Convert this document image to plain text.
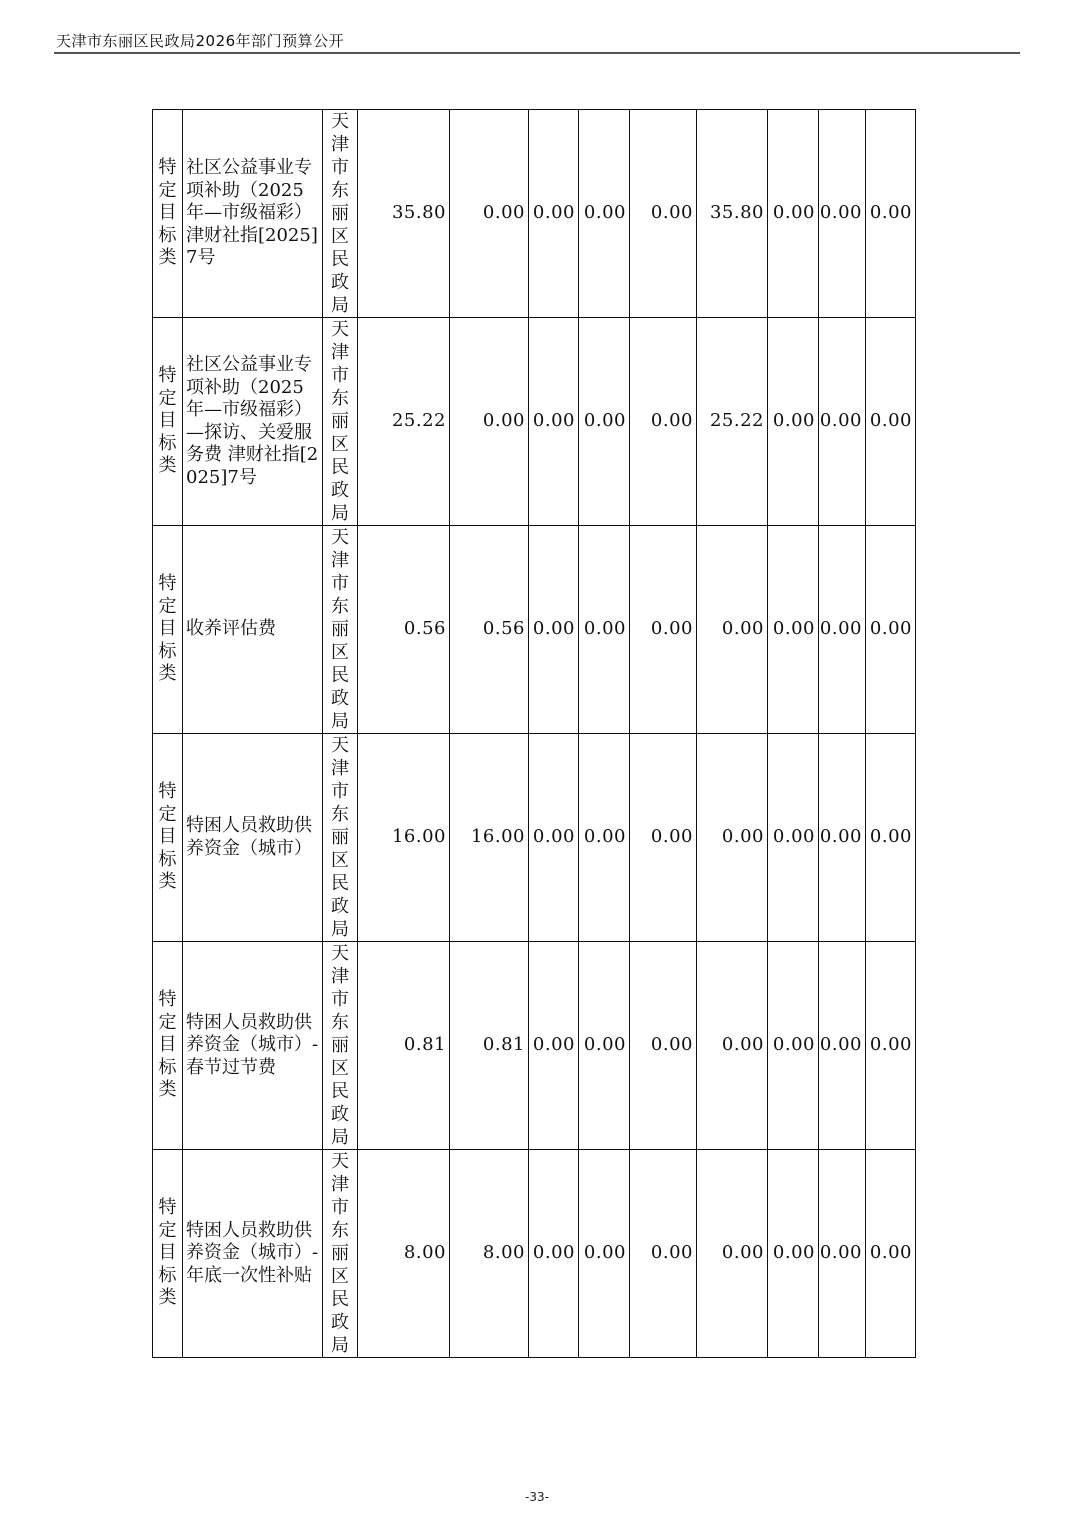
天津市东丽区民政局2026年部门预算公开
特定目标类	社区公益事业专项补助（2025年—市级福彩） 津财社指[2025]7号	天津市东丽区民政局	35.80	0.00	0.00	0.00	0.00	35.80	0.00	0.00	0.00

特定目标类	社区公益事业专项补助（2025年—市级福彩）—探访、关爱服务费 津财社指[2025]7号	天津市东丽区民政局	25.22	0.00	0.00	0.00	0.00	25.22	0.00	0.00	0.00

特定目标类	收养评估费	天津市东丽区民政局	0.56	0.56	0.00	0.00	0.00	0.00	0.00	0.00	0.00

特定目标类	特困人员救助供养资金（城市）	天津市东丽区民政局	16.00	16.00	0.00	0.00	0.00	0.00	0.00	0.00	0.00

特定目标类	特困人员救助供养资金（城市）-春节过节费	天津市东丽区民政局	0.81	0.81	0.00	0.00	0.00	0.00	0.00	0.00	0.00

特定目标类	特困人员救助供养资金（城市）-年底一次性补贴	天津市东丽区民政局	8.00	8.00	0.00	0.00	0.00	0.00	0.00	0.00	0.00
-33-
